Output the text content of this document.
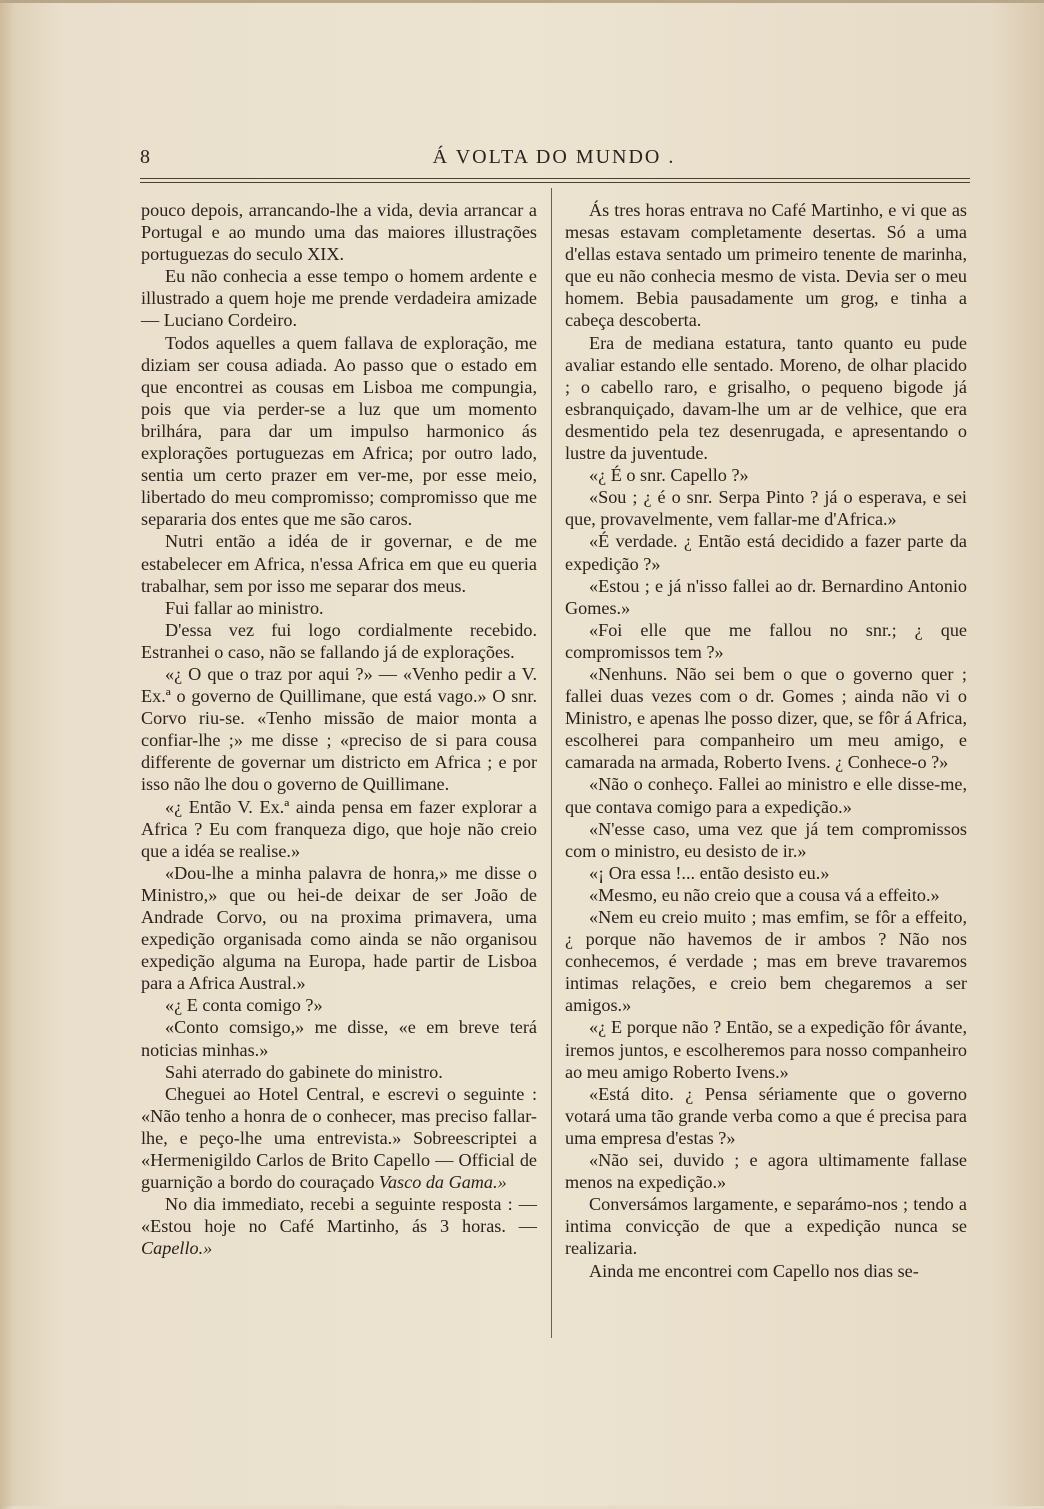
8	Á VOLTA DO MUNDO .

pouco depois, arrancando-lhe a vida, devia arrancar a Portugal e ao mundo uma das maiores illustrações portuguezas do seculo XIX.

Eu não conhecia a esse tempo o homem ardente e illustrado a quem hoje me prende verdadeira amizade — Luciano Cordeiro.

Todos aquelles a quem fallava de exploração, me diziam ser cousa adiada. Ao passo que o estado em que encontrei as cousas em Lisboa me compungia, pois que via perder-se a luz que um momento brilhára, para dar um impulso harmonico ás explorações portuguezas em Africa; por outro lado, sentia um certo prazer em ver-me, por esse meio, libertado do meu compromisso; compromisso que me separaria dos entes que me são caros.

Nutri então a idéa de ir governar, e de me estabelecer em Africa, n'essa Africa em que eu queria trabalhar, sem por isso me separar dos meus.

Fui fallar ao ministro.

D'essa vez fui logo cordialmente recebido. Estranhei o caso, não se fallando já de explorações.

«¿ O que o traz por aqui ?» — «Venho pedir a V. Ex.ª o governo de Quillimane, que está vago.» O snr. Corvo riu-se. «Tenho missão de maior monta a confiar-lhe ;» me disse ; «preciso de si para cousa differente de governar um districto em Africa ; e por isso não lhe dou o governo de Quillimane.

«¿ Então V. Ex.ª ainda pensa em fazer explorar a Africa ? Eu com franqueza digo, que hoje não creio que a idéa se realise.»

«Dou-lhe a minha palavra de honra,» me disse o Ministro,» que ou hei-de deixar de ser João de Andrade Corvo, ou na proxima primavera, uma expedição organisada como ainda se não organisou expedição alguma na Europa, hade partir de Lisboa para a Africa Austral.»

«¿ E conta comigo ?»

«Conto comsigo,» me disse, «e em breve terá noticias minhas.»

Sahi aterrado do gabinete do ministro.

Cheguei ao Hotel Central, e escrevi o seguinte : «Não tenho a honra de o conhecer, mas preciso fallar-lhe, e peço-lhe uma entrevista.» Sobreescriptei a «Hermenigildo Carlos de Brito Capello — Official de guarnição a bordo do couraçado Vasco da Gama.»

No dia immediato, recebi a seguinte resposta : — «Estou hoje no Café Martinho, ás 3 horas. — Capello.»

Ás tres horas entrava no Café Martinho, e vi que as mesas estavam completamente desertas. Só a uma d'ellas estava sentado um primeiro tenente de marinha, que eu não conhecia mesmo de vista. Devia ser o meu homem. Bebia pausadamente um grog, e tinha a cabeça descoberta.

Era de mediana estatura, tanto quanto eu pude avaliar estando elle sentado. Moreno, de olhar placido ; o cabello raro, e grisalho, o pequeno bigode já esbranquiçado, davam-lhe um ar de velhice, que era desmentido pela tez desenrugada, e apresentando o lustre da juventude.

«¿ É o snr. Capello ?»

«Sou ; ¿ é o snr. Serpa Pinto ? já o esperava, e sei que, provavelmente, vem fallar-me d'Africa.»

«É verdade. ¿ Então está decidido a fazer parte da expedição ?»

«Estou ; e já n'isso fallei ao dr. Bernardino Antonio Gomes.»

«Foi elle que me fallou no snr.; ¿ que compromissos tem ?»

«Nenhuns. Não sei bem o que o governo quer ; fallei duas vezes com o dr. Gomes ; ainda não vi o Ministro, e apenas lhe posso dizer, que, se fôr á Africa, escolherei para companheiro um meu amigo, e camarada na armada, Roberto Ivens. ¿ Conhece-o ?»

«Não o conheço. Fallei ao ministro e elle disse-me, que contava comigo para a expedição.»

«N'esse caso, uma vez que já tem compromissos com o ministro, eu desisto de ir.»

«¡ Ora essa !... então desisto eu.»

«Mesmo, eu não creio que a cousa vá a effeito.»

«Nem eu creio muito ; mas emfim, se fôr a effeito, ¿ porque não havemos de ir ambos ? Não nos conhecemos, é verdade ; mas em breve travaremos intimas relações, e creio bem chegaremos a ser amigos.»

«¿ E porque não ? Então, se a expedição fôr ávante, iremos juntos, e escolheremos para nosso companheiro ao meu amigo Roberto Ivens.»

«Está dito. ¿ Pensa sériamente que o governo votará uma tão grande verba como a que é precisa para uma empresa d'estas ?»

«Não sei, duvido ; e agora ultimamente fallase menos na expedição.»

Conversámos largamente, e separámo-nos ; tendo a intima convicção de que a expedição nunca se realizaria.

Ainda me encontrei com Capello nos dias se-
